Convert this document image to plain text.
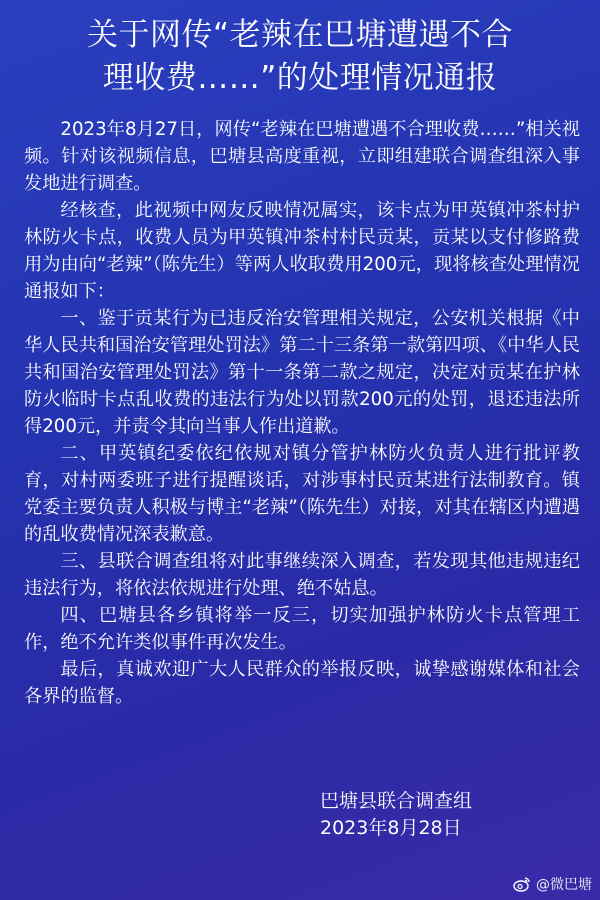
关于网传“老辣在巴塘遭遇不合
理收费……”的处理情况通报

2023年8月27日，网传“老辣在巴塘遭遇不合理收费……”相关视频。针对该视频信息，巴塘县高度重视，立即组建联合调查组深入事发地进行调查。

经核查，此视频中网友反映情况属实，该卡点为甲英镇冲茶村护林防火卡点，收费人员为甲英镇冲茶村村民贡某，贡某以支付修路费用为由向“老辣”（陈先生）等两人收取费用200元，现将核查处理情况通报如下：

一、鉴于贡某行为已违反治安管理相关规定，公安机关根据《中华人民共和国治安管理处罚法》第二十三条第一款第四项、《中华人民共和国治安管理处罚法》第十一条第二款之规定，决定对贡某在护林防火临时卡点乱收费的违法行为处以罚款200元的处罚，退还违法所得200元，并责令其向当事人作出道歉。

二、甲英镇纪委依纪依规对镇分管护林防火负责人进行批评教育，对村两委班子进行提醒谈话，对涉事村民贡某进行法制教育。镇党委主要负责人积极与博主“老辣”（陈先生）对接，对其在辖区内遭遇的乱收费情况深表歉意。

三、县联合调查组将对此事继续深入调查，若发现其他违规违纪违法行为，将依法依规进行处理、绝不姑息。

四、巴塘县各乡镇将举一反三，切实加强护林防火卡点管理工作，绝不允许类似事件再次发生。

最后，真诚欢迎广大人民群众的举报反映，诚挚感谢媒体和社会各界的监督。

巴塘县联合调查组
2023年8月28日
@微巴塘
